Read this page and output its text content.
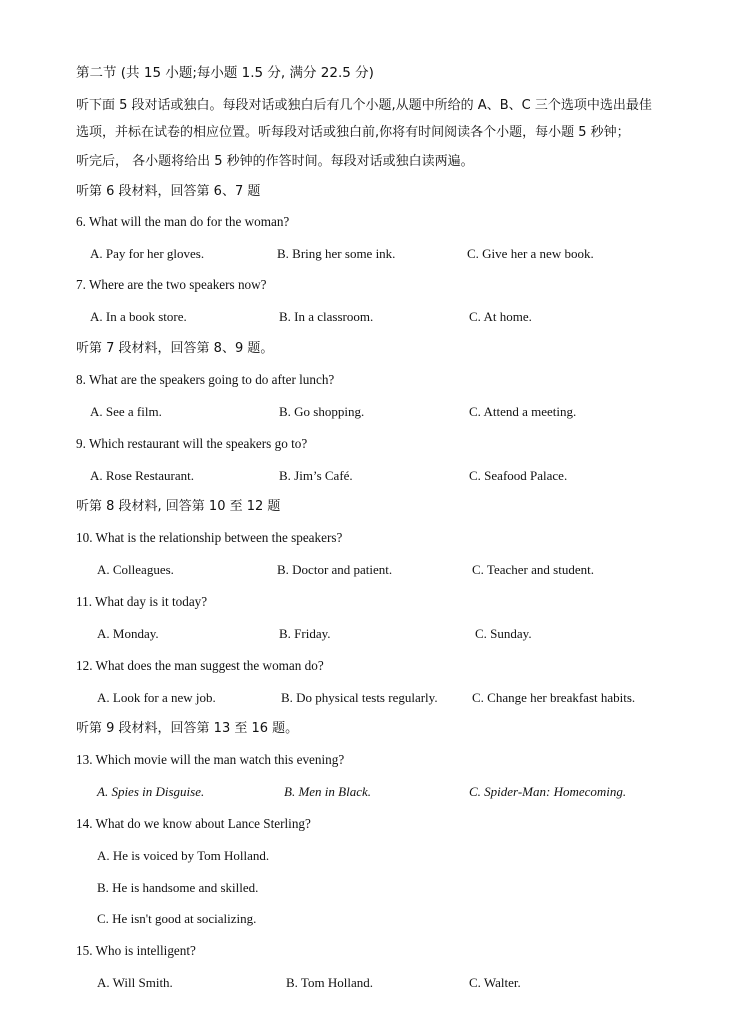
第二节 (共 15 小题;每小题 1.5 分, 满分 22.5 分)
听下面 5 段对话或独白。每段对话或独白后有几个小题,从题中所给的 A、B、C 三个选项中选出最佳
选项，并标在试卷的相应位置。听每段对话或独白前,你将有时间阅读各个小题，每小题 5 秒钟；
听完后， 各小题将给出 5 秒钟的作答时间。每段对话或独白读两遍。
听第 6 段材料，回答第 6、7 题
6. What will the man do for the woman?
A. Pay for her gloves.	B. Bring her some ink.	C. Give her a new book.
7. Where are the two speakers now?
A. In a book store.	B. In a classroom.	C. At home.
听第 7 段材料，回答第 8、9 题。
8. What are the speakers going to do after lunch?
A. See a film.	B. Go shopping.	C. Attend a meeting.
9. Which restaurant will the speakers go to?
A. Rose Restaurant.	B. Jim’s Café.	C. Seafood Palace.
听第 8 段材料, 回答第 10 至 12 题
10. What is the relationship between the speakers?
A. Colleagues.	B. Doctor and patient.	C. Teacher and student.
11. What day is it today?
A. Monday.	B. Friday.	C. Sunday.
12. What does the man suggest the woman do?
A. Look for a new job.	B. Do physical tests regularly.	C. Change her breakfast habits.
听第 9 段材料，回答第 13 至 16 题。
13. Which movie will the man watch this evening?
A. Spies in Disguise.	B. Men in Black.	C. Spider-Man: Homecoming.
14. What do we know about Lance Sterling?
A. He is voiced by Tom Holland.
B. He is handsome and skilled.
C. He isn't good at socializing.
15. Who is intelligent?
A. Will Smith.	B. Tom Holland.	C. Walter.
